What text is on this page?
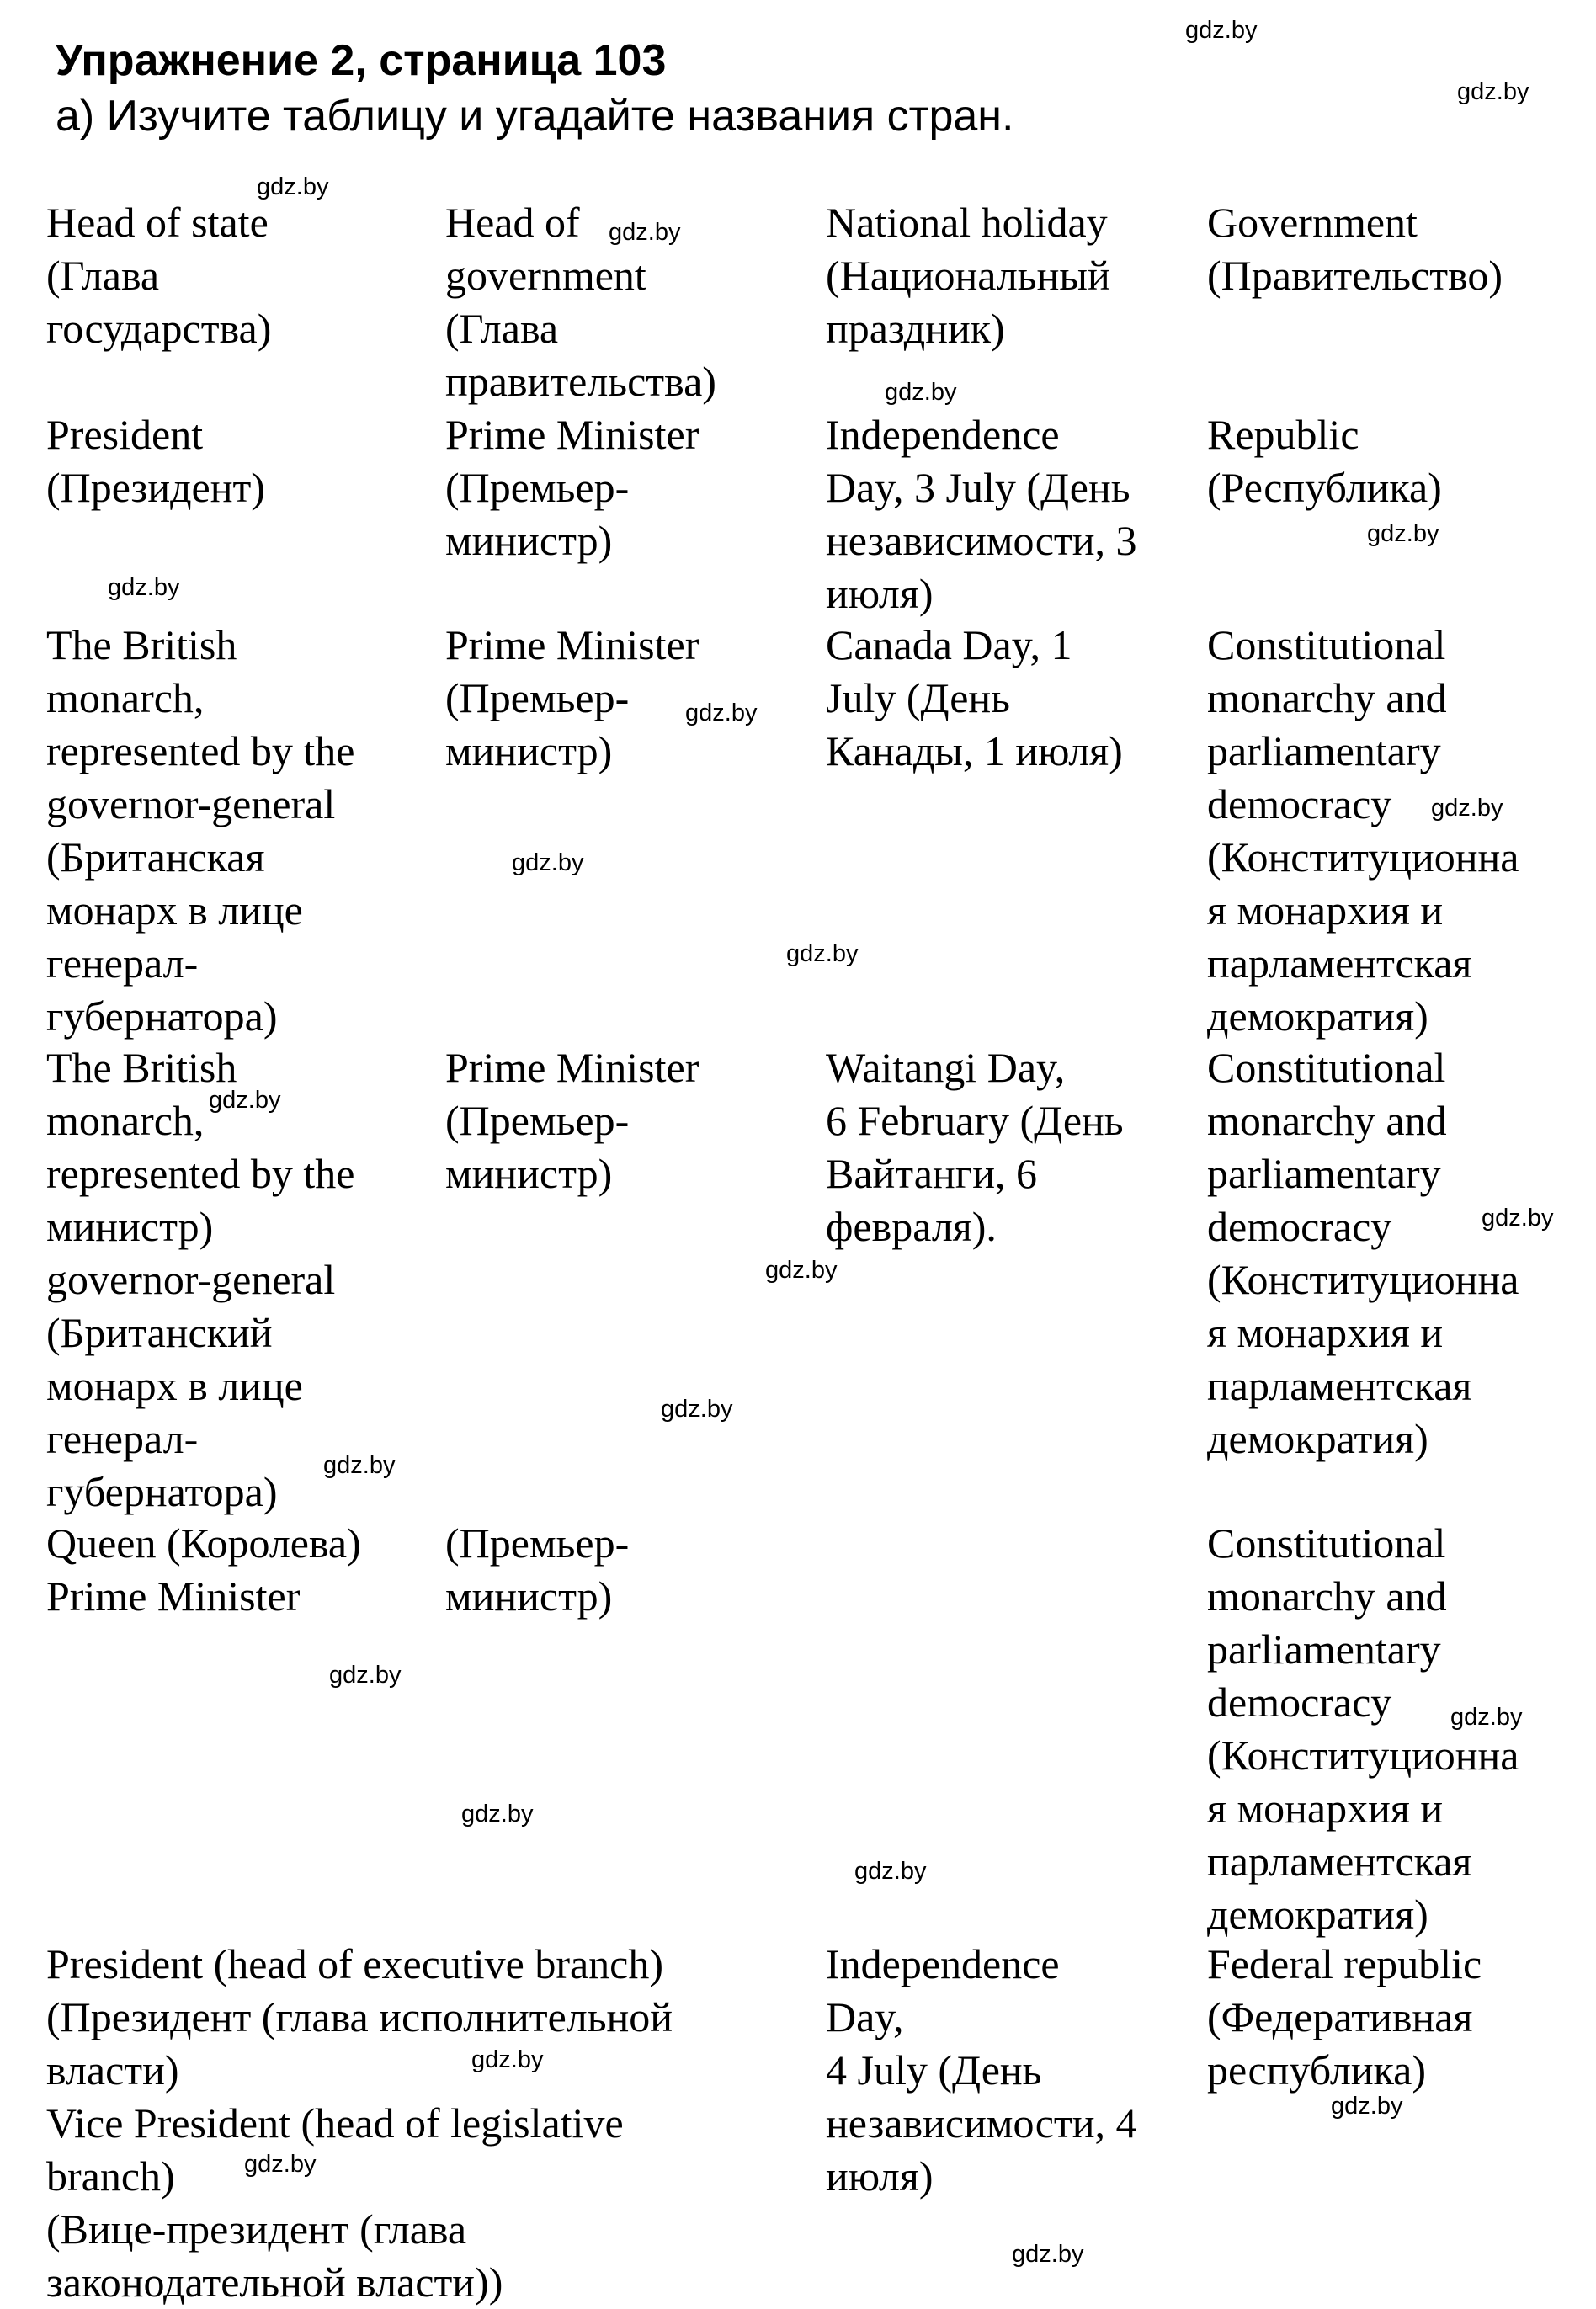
Упражнение 2, страница 103
а) Изучите таблицу и угадайте названия стран.
Head of state
(Глава
государства)
Head of
government
(Глава
правительства)
National holiday
(Национальный
праздник)
Government
(Правительство)
President
(Президент)
Prime Minister
(Премьер-
министр)
Independence
Day, 3 July (День
независимости, 3
июля)
Republic
(Республика)
The British
monarch,
represented by the
governor-general
(Британская
монарх в лице
генерал-
губернатора)
Prime Minister
(Премьер-
министр)
Canada Day, 1
July (День
Канады, 1 июля)
Constitutional
monarchy and
parliamentary
democracy
(Конституционна
я монархия и
парламентская
демократия)
The British
monarch,
represented by the
министр)
governor-general
(Британский
монарх в лице
генерал-
губернатора)
Prime Minister
(Премьер-
министр)
Waitangi Day,
6 February (День
Вайтанги, 6
февраля).
Constitutional
monarchy and
parliamentary
democracy
(Конституционна
я монархия и
парламентская
демократия)
Queen (Королева)
Prime Minister
(Премьер-
министр)
Constitutional
monarchy and
parliamentary
democracy
(Конституционна
я монархия и
парламентская
демократия)
President (head of executive branch)
(Президент (глава исполнительной
власти)
Vice President (head of legislative
branch)
(Вице-президент (глава
законодательной власти))
Independence
Day,
4 July (День
независимости, 4
июля)
Federal republic
(Федеративная
республика)
gdz.by
gdz.by
gdz.by
gdz.by
gdz.by
gdz.by
gdz.by
gdz.by
gdz.by
gdz.by
gdz.by
gdz.by
gdz.by
gdz.by
gdz.by
gdz.by
gdz.by
gdz.by
gdz.by
gdz.by
gdz.by
gdz.by
gdz.by
gdz.by
